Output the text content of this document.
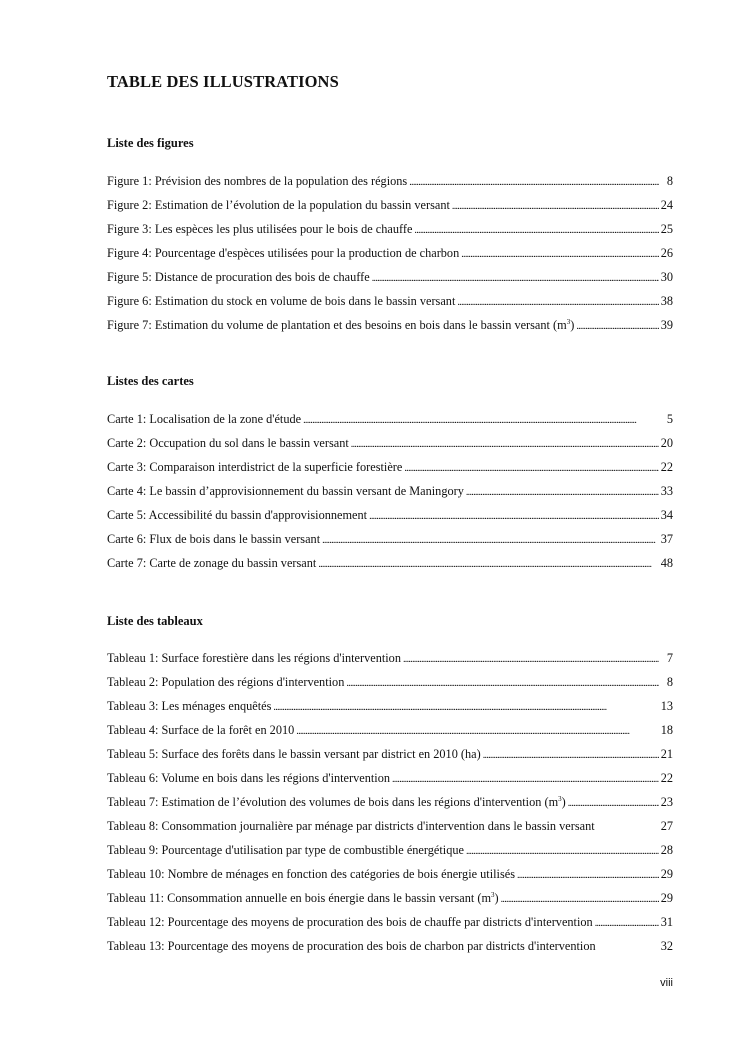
TABLE DES ILLUSTRATIONS
Liste des figures
Figure 1: Prévision des nombres de la population des régions . . .	8
Figure 2: Estimation de l’évolution de la population du bassin versant . . .	24
Figure 3: Les espèces les plus utilisées pour le bois de chauffe . . .	25
Figure 4: Pourcentage d'espèces utilisées pour la production de charbon . . .	26
Figure 5: Distance de procuration des bois de chauffe . . .	30
Figure 6: Estimation du stock en volume de bois dans le bassin versant . . .	38
Figure 7: Estimation du volume de plantation et des besoins en bois dans le bassin versant $(m^3)$ . . .	39
Listes des cartes
Carte 1: Localisation de la zone d'étude . . .	5
Carte 2: Occupation du sol dans le bassin versant . . .	20
Carte 3: Comparaison interdistrict de la superficie forestière . . .	22
Carte 4: Le bassin d’approvisionnement du bassin versant de Maningory . . .	33
Carte 5: Accessibilité du bassin d'approvisionnement . . .	34
Carte 6: Flux de bois dans le bassin versant . . .	37
Carte 7: Carte de zonage du bassin versant . . .	48
Liste des tableaux
Tableau 1: Surface forestière dans les régions d'intervention . . .	7
Tableau 2: Population des régions d'intervention . . .	8
Tableau 3: Les ménages enquêtés . . .	13
Tableau 4: Surface de la forêt en 2010 . . .	18
Tableau 5: Surface des forêts dans le bassin versant par district en 2010 (ha) . . .	21
Tableau 6: Volume en bois dans les régions d'intervention . . .	22
Tableau 7: Estimation de l’évolution des volumes de bois dans les régions d'intervention $(m^3)$ . . .	23
Tableau 8: Consommation journalière par ménage par districts d'intervention dans le bassin versant	27
Tableau 9: Pourcentage d'utilisation par type de combustible énergétique . . .	28
Tableau 10: Nombre de ménages en fonction des catégories de bois énergie utilisés . . .	29
Tableau 11: Consommation annuelle en bois énergie dans le bassin versant $(m^3)$ . . .	29
Tableau 12: Pourcentage des moyens de procuration des bois de chauffe par districts d'intervention . . .	31
Tableau 13: Pourcentage des moyens de procuration des bois de charbon par districts d'intervention	32
viii
